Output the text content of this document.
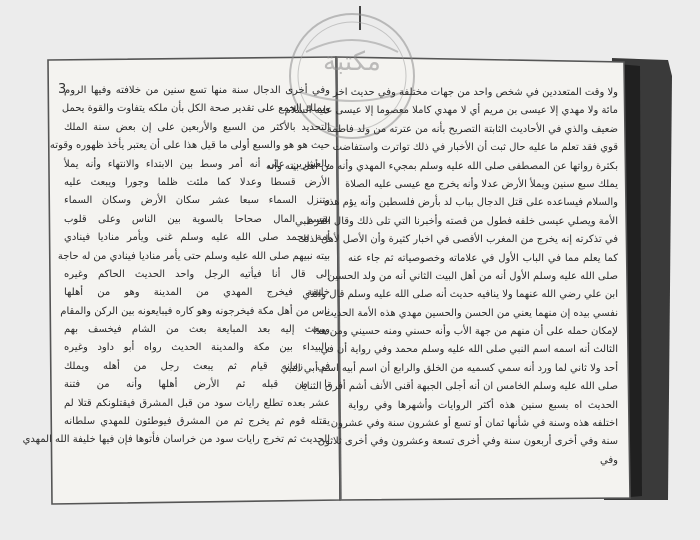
مكتبة
3
وفي أخرى الدجال سنة منها تسع سنين من خلافته وفيها الروم
ويملك الجمع على تقدير صحة الكل بأن ملكه يتفاوت والقوة يحمل
التحديد بالأكثر من السبع والأربعين على إن بعض سنة الملك
حيث هو هو والسبع أولى ما قيل هذا على أن يعتبر يأخذ ظهوره وقوته
بالعشرين على أنه أمر وسط بين الابتداء والانتهاء وأنه يملأ
الأرض قسطا وعدلا كما ملئت ظلما وجورا ويبعث عليه
وتنزل السماء سبعا عشر سكان الأرض وسكان السماء
يقسم المال صحاحا بالسوية بين الناس وعلى قلوب
أمة محمد صلى الله عليه وسلم غنى ويأمر مناديا فينادي
بيته نبيهم صلى الله عليه وسلم حتى يأمر مناديا فينادي من له حاجة
إلى قال أنا فيأتيه الرجل واحد الحديث الحاكم وغيره
خليفة فيخرج المهدي من المدينة وهو من أهلها
ناس من أهل مكة فيخرجونه وهو كاره فيبايعونه بين الركن والمقام
ويبعث إليه بعد المبايعة بعث من الشام فيخسف بهم
بالبيداء بين مكة والمدينة الحديث رواه أبو داود وغيره
في زمانه قيام ثم يبعث رجل من أهله ويملك
نا من قبله ثم الأرض أهلها وأنه من فتنة
عشر بعده تطلع رايات سود من قبل المشرق فيقتلونكم قتلا لم
يقتله قوم ثم يخرج ثم من المشرق فيوطئون للمهدي سلطانه
الحديث ثم تخرج رايات سود من خراسان فأتوها فإن فيها خليفة الله المهدي
ولا وقت المتعددين في شخص واحد من جهات مختلفة وفي حديث اخر
مائة ولا مهدي إلا عيسى بن مريم أي لا مهدي كاملا معصوما إلا عيسى عليه السلام
ضعيف والذي في الأحاديث الثابتة التصريح بأنه من عترته من ولد فاطمة
قوي فقد تعلم ما عليه حال ثبت أن الأخبار في ذلك تواترت واستفاضت
بكثرة رواتها عن المصطفى صلى الله عليه وسلم بمجيء المهدي وأنه من أهل بيته وأنه
يملك سبع سنين ويملأ الأرض عدلا وأنه يخرج مع عيسى عليه الصلاة
والسلام فيساعده على قتل الدجال بباب لد بأرض فلسطين وأنه يؤم هذه
الأمة ويصلي عيسى خلفه فطول من قصته وأخبرنا التي تلى ذلك وقال القرطبي
في تذكرته إنه يخرج من المغرب الأقصى في اخبار كثيرة وأن الأصل لأهل لذلك
كما يعلم مما في الباب الأول في علاماته وخصوصياته ثم جاء عنه
صلى الله عليه وسلم الأول أنه من أهل البيت الثاني أنه من ولد الحسين
ابن علي رضي الله عنهما ولا ينافيه حديث أنه صلى الله عليه وسلم قال والذي
نفسي بيده إن منهما يعني من الحسن والحسين مهدي هذه الأمة الحديث
لإمكان حمله على أن منهم من جهة الأب وأنه حسني ومنه حسيني ومن هذا
الثالث أنه اسمه اسم النبي صلى الله عليه وسلم محمد وفي رواية أن في
أحد ولا ثاني لما ورد أنه سمي كسميه من الخلق والرابع أن اسم أبيه اسم أبي النبي
صلى الله عليه وسلم الخامس ان أنه أجلى الجبهة أقنى الأنف أشم أفرق الثنايا
الحديث اه بسبع سنين هذه أكثر الروايات وأشهرها وفي رواية
اختلفه هذه وسنة في شأنها ثمان أو تسع أو عشرون سنة وفي عشرون
سنة وفي أخرى أربعون سنة وفي أخرى تسعة وعشرون وفي أخرى ثلاثون
وفي
